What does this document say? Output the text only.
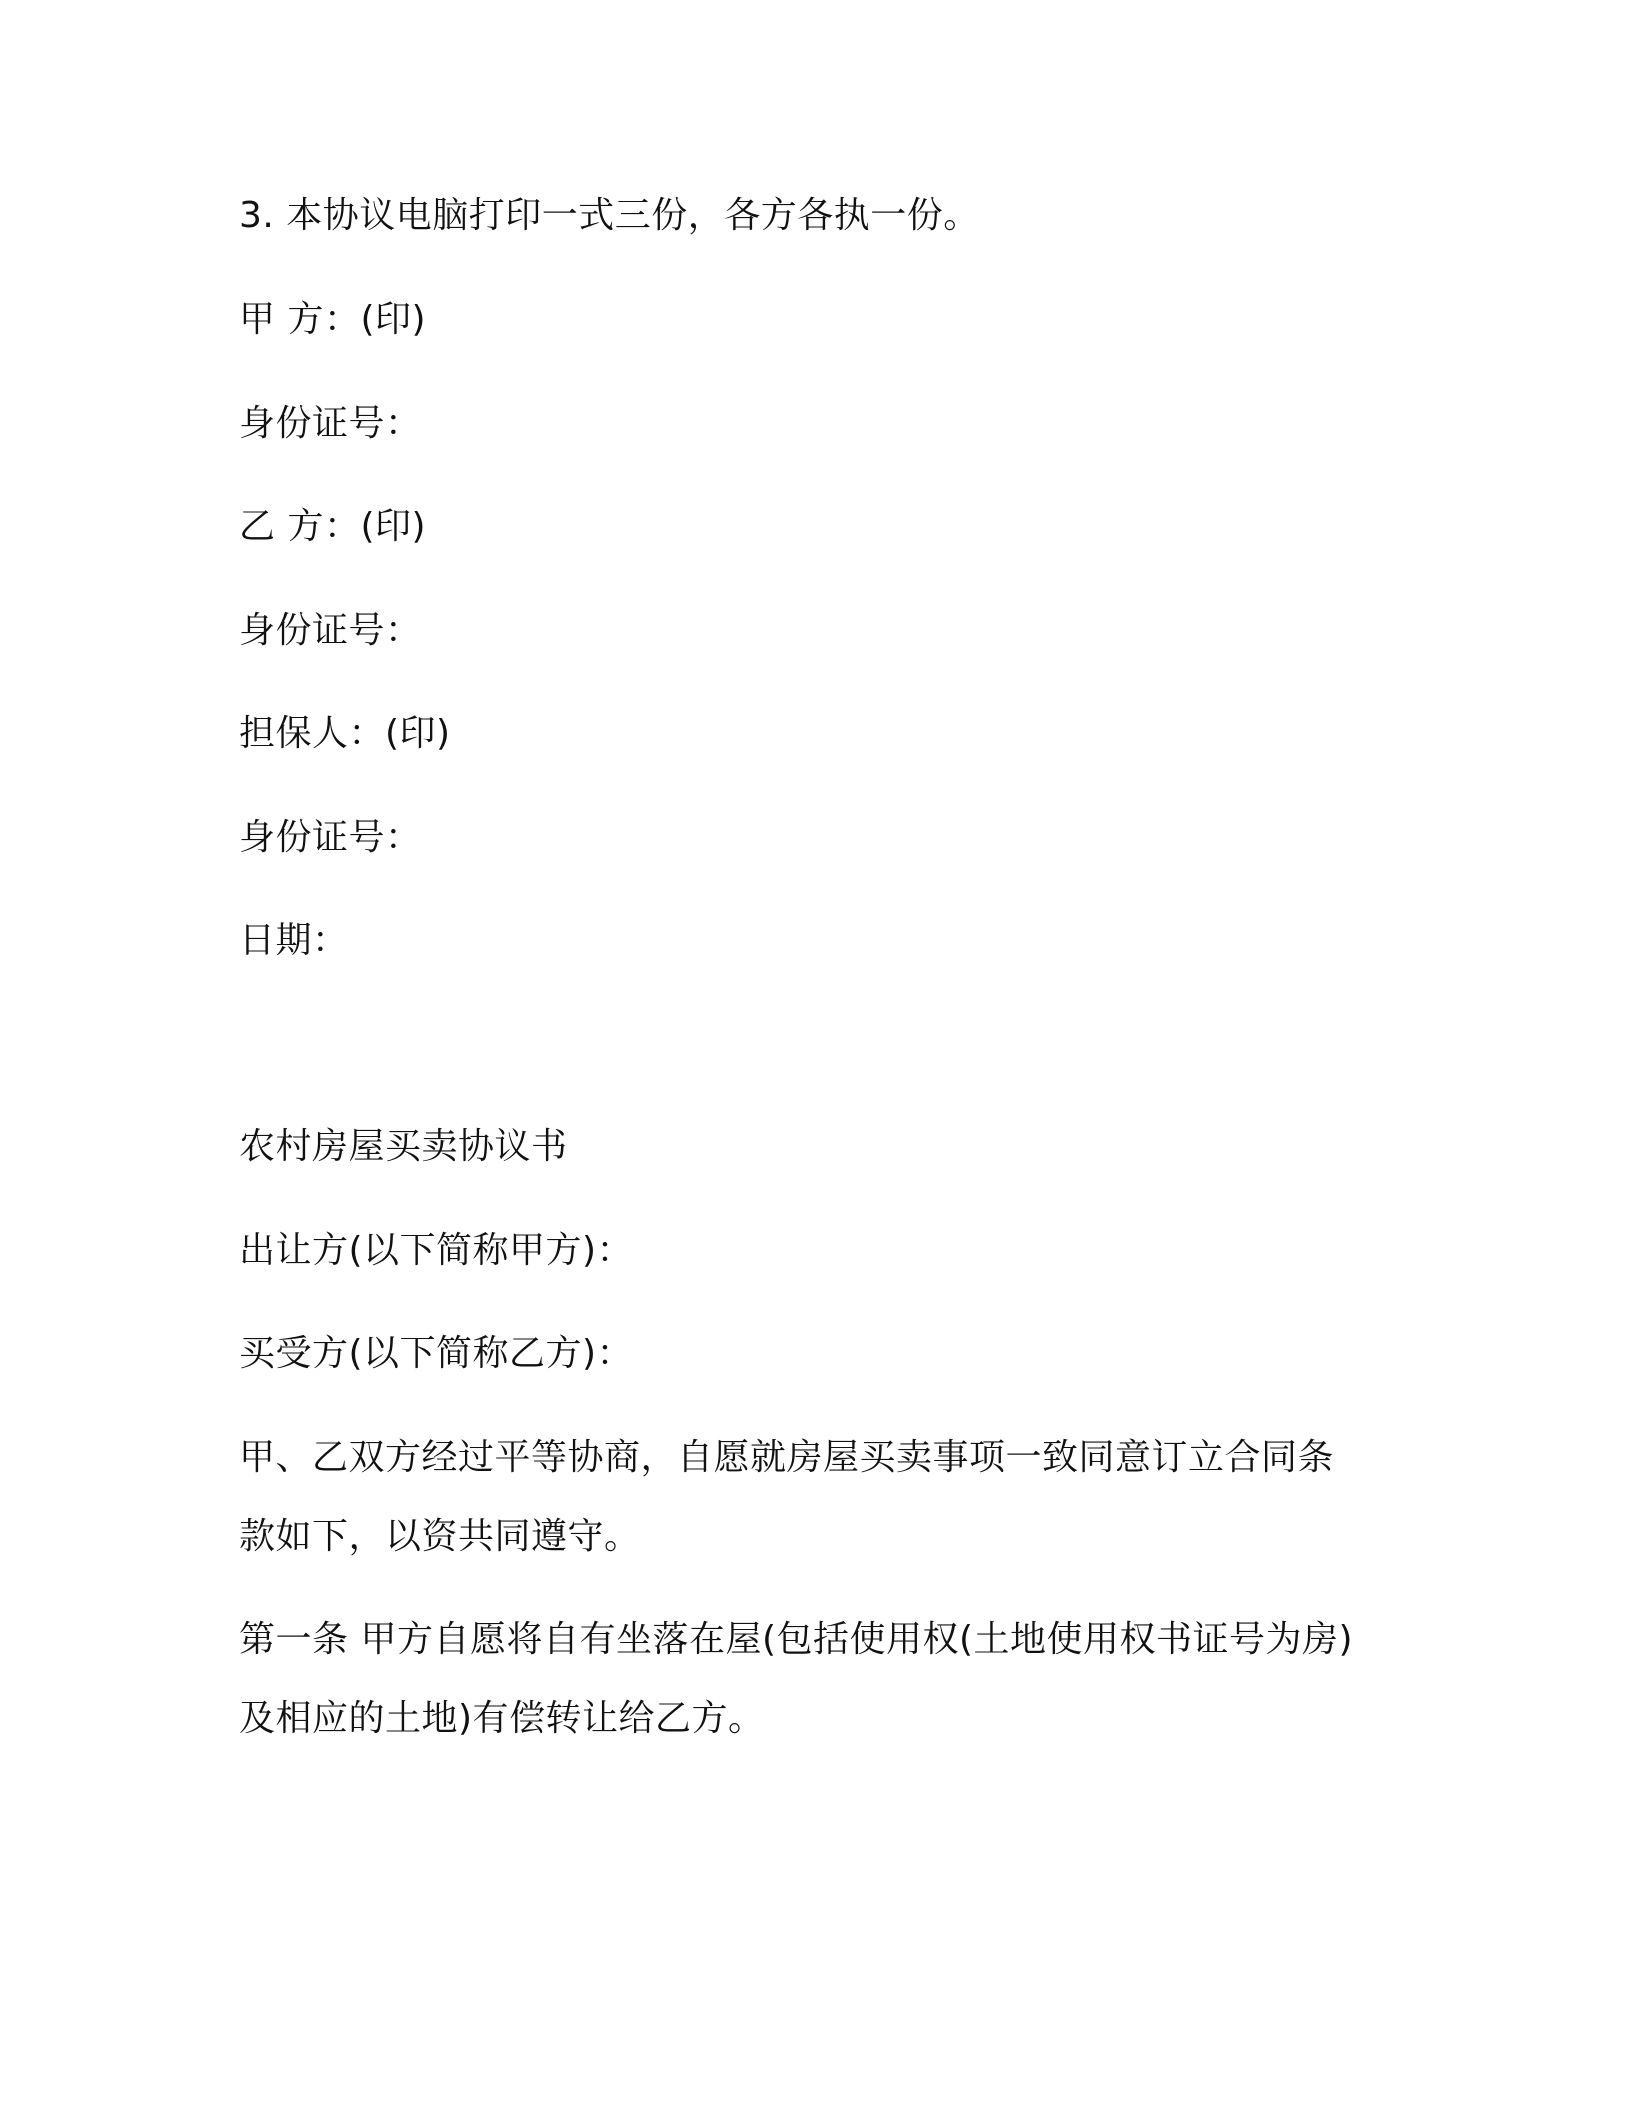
3. 本协议电脑打印一式三份，各方各执一份。
甲 方：(印)
身份证号：
乙 方：(印)
身份证号：
担保人：(印)
身份证号：
日期：
农村房屋买卖协议书
出让方(以下简称甲方)：
买受方(以下简称乙方)：
甲、乙双方经过平等协商，自愿就房屋买卖事项一致同意订立合同条
款如下，以资共同遵守。
第一条 甲方自愿将自有坐落在屋(包括使用权(土地使用权书证号为房)
及相应的土地)有偿转让给乙方。
